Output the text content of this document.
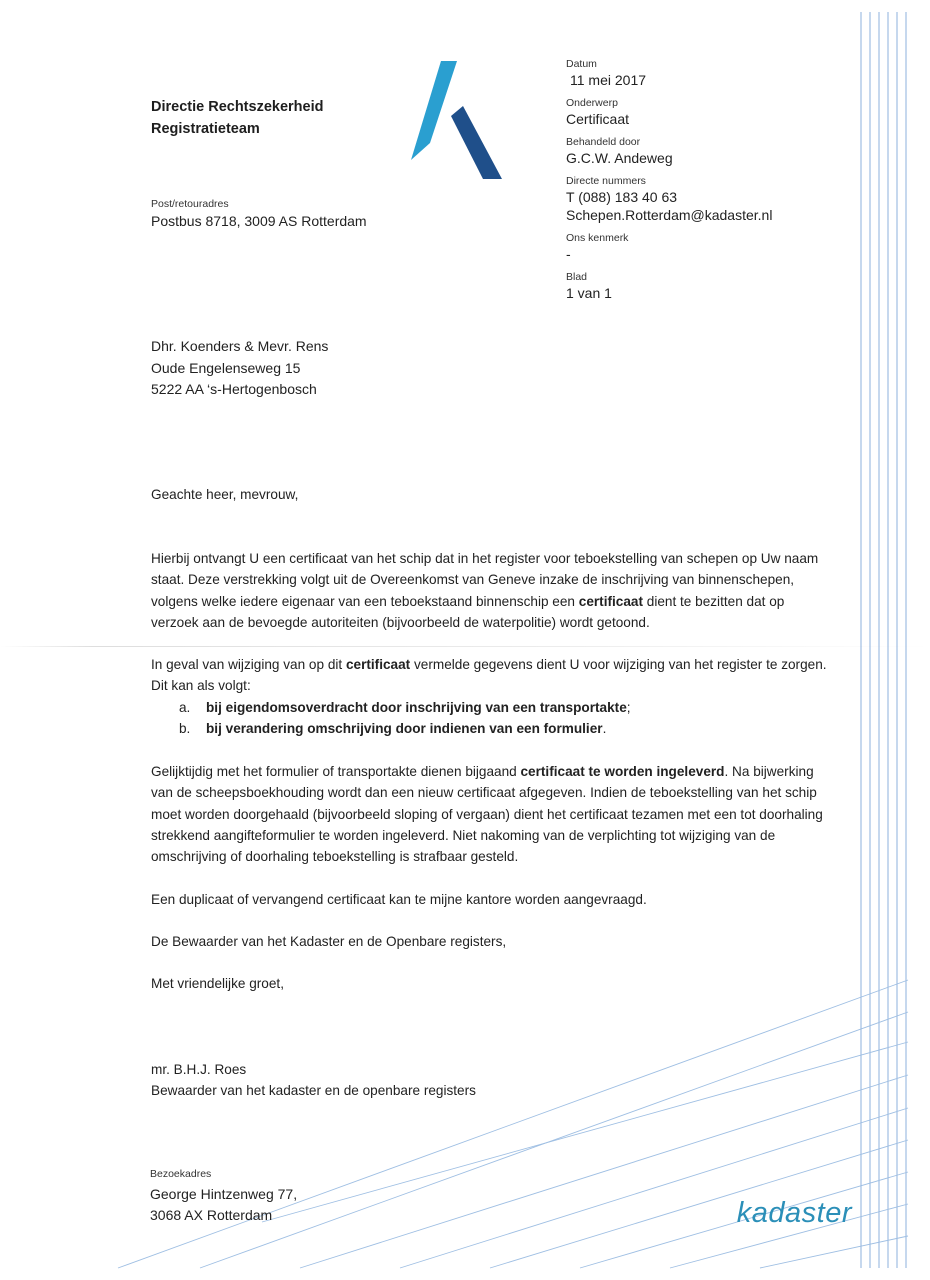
Directie Rechtszekerheid
Registratieteam
Post/retouradres
Postbus 8718, 3009 AS Rotterdam
Datum
11 mei 2017
Onderwerp
Certificaat
Behandeld door
G.C.W. Andeweg
Directe nummers
T (088) 183 40 63
Schepen.Rotterdam@kadaster.nl
Ons kenmerk
-
Blad
1 van 1
Dhr. Koenders & Mevr. Rens
Oude Engelenseweg 15
5222 AA ‘s-Hertogenbosch
Geachte heer, mevrouw,

Hierbij ontvangt U een certificaat van het schip dat in het register voor teboekstelling van schepen op Uw naam staat. Deze verstrekking volgt uit de Overeenkomst van Geneve inzake de inschrijving van binnenschepen, volgens welke iedere eigenaar van een teboekstaand binnenschip een certificaat dient te bezitten dat op verzoek aan de bevoegde autoriteiten (bijvoorbeeld de waterpolitie) wordt getoond.

In geval van wijziging van op dit certificaat vermelde gegevens dient U voor wijziging van het register te zorgen. Dit kan als volgt:

a. bij eigendomsoverdracht door inschrijving van een transportakte;
b. bij verandering omschrijving door indienen van een formulier.

Gelijktijdig met het formulier of transportakte dienen bijgaand certificaat te worden ingeleverd. Na bijwerking van de scheepsboekhouding wordt dan een nieuw certificaat afgegeven. Indien de teboekstelling van het schip moet worden doorgehaald (bijvoorbeeld sloping of vergaan) dient het certificaat tezamen met een tot doorhaling strekkend aangifteformulier te worden ingeleverd. Niet nakoming van de verplichting tot wijziging van de omschrijving of doorhaling teboekstelling is strafbaar gesteld.

Een duplicaat of vervangend certificaat kan te mijne kantore worden aangevraagd.
De Bewaarder van het Kadaster en de Openbare registers,
Met vriendelijke groet,
mr. B.H.J. Roes
Bewaarder van het kadaster en de openbare registers
Bezoekadres
George Hintzenweg 77,
3068 AX Rotterdam	kadaster
